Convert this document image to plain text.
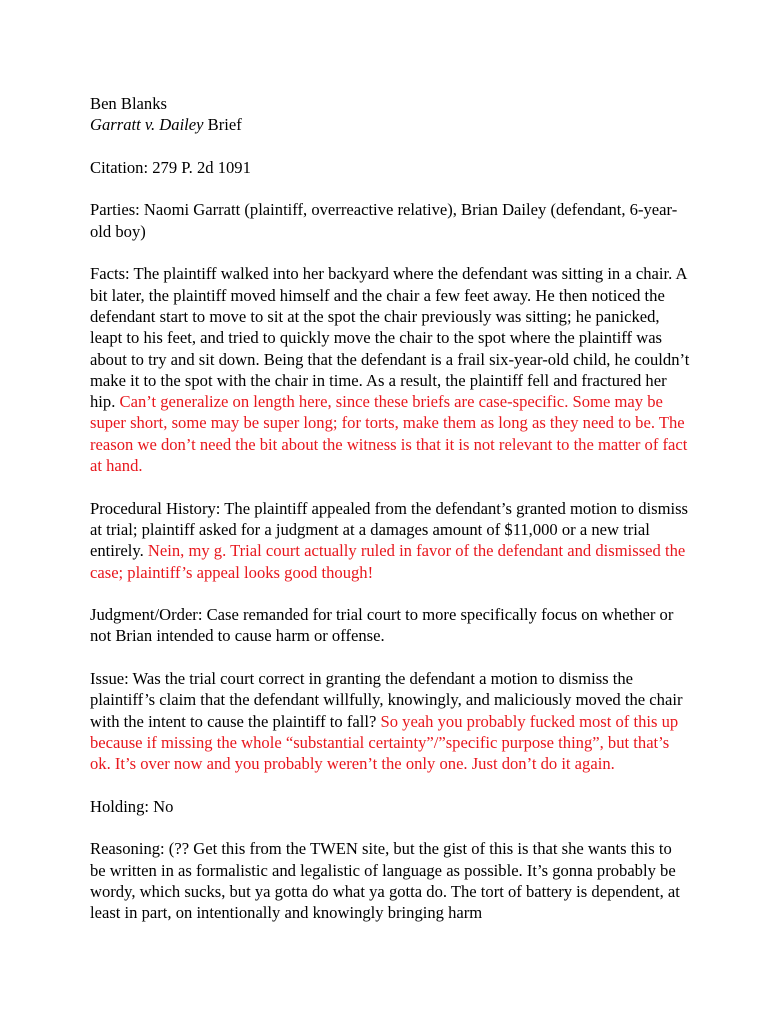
Ben Blanks

Garratt v. Dailey Brief

Citation: 279 P. 2d 1091

Parties: Naomi Garratt (plaintiff, overreactive relative), Brian Dailey (defendant, 6-year-old boy)

Facts: The plaintiff walked into her backyard where the defendant was sitting in a chair. A bit later, the plaintiff moved himself and the chair a few feet away. He then noticed the defendant start to move to sit at the spot the chair previously was sitting; he panicked, leapt to his feet, and tried to quickly move the chair to the spot where the plaintiff was about to try and sit down. Being that the defendant is a frail six-year-old child, he couldn’t make it to the spot with the chair in time. As a result, the plaintiff fell and fractured her hip. Can’t generalize on length here, since these briefs are case-specific. Some may be super short, some may be super long; for torts, make them as long as they need to be. The reason we don’t need the bit about the witness is that it is not relevant to the matter of fact at hand.

Procedural History: The plaintiff appealed from the defendant’s granted motion to dismiss at trial; plaintiff asked for a judgment at a damages amount of $11,000 or a new trial entirely. Nein, my g. Trial court actually ruled in favor of the defendant and dismissed the case; plaintiff’s appeal looks good though!

Judgment/Order: Case remanded for trial court to more specifically focus on whether or not Brian intended to cause harm or offense.

Issue: Was the trial court correct in granting the defendant a motion to dismiss the plaintiff’s claim that the defendant willfully, knowingly, and maliciously moved the chair with the intent to cause the plaintiff to fall? So yeah you probably fucked most of this up because if missing the whole “substantial certainty”/”specific purpose thing”, but that’s ok. It’s over now and you probably weren’t the only one. Just don’t do it again.

Holding: No

Reasoning: (?? Get this from the TWEN site, but the gist of this is that she wants this to be written in as formalistic and legalistic of language as possible. It’s gonna probably be wordy, which sucks, but ya gotta do what ya gotta do. The tort of battery is dependent, at least in part, on intentionally and knowingly bringing harm
